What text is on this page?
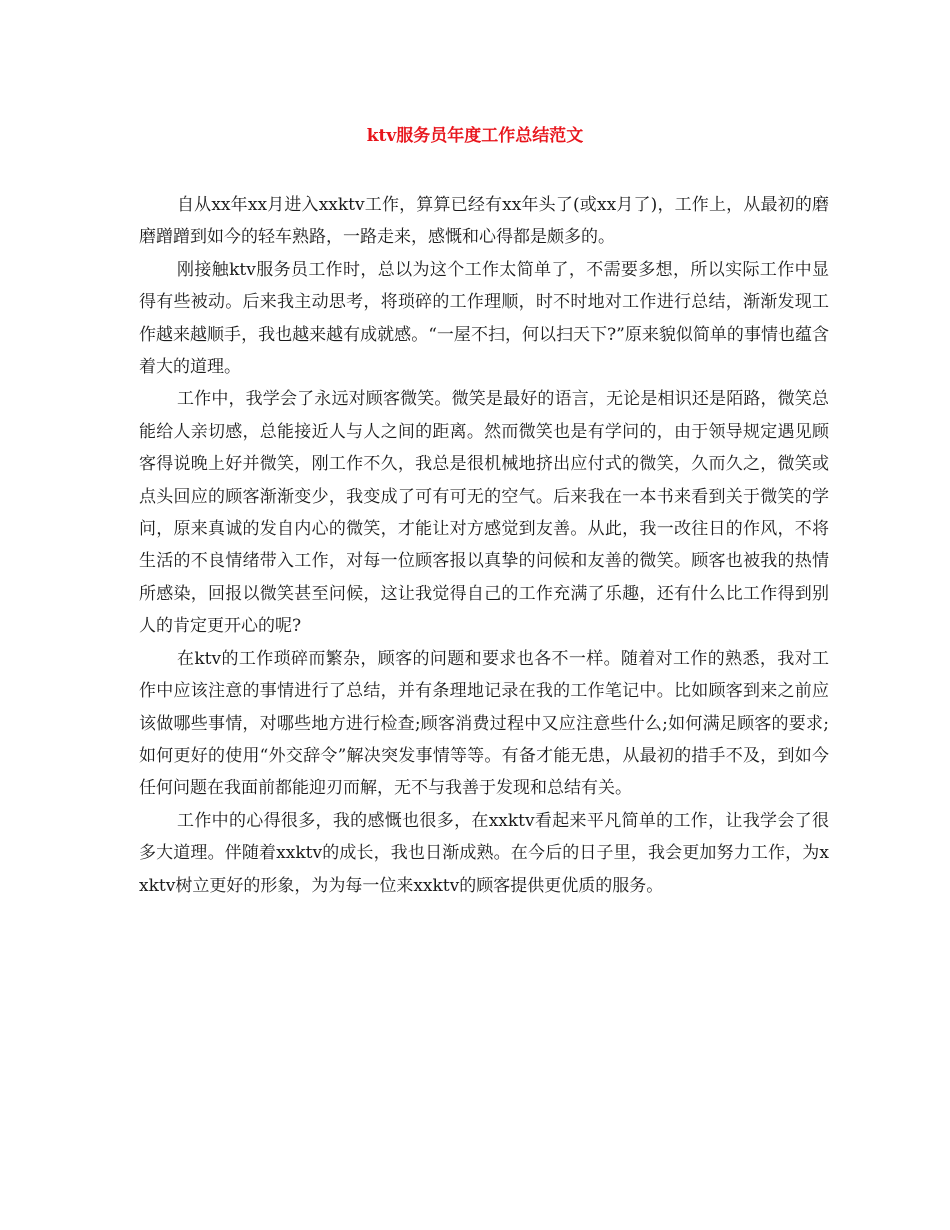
ktv服务员年度工作总结范文

自从xx年xx月进入xxktv工作，算算已经有xx年头了(或xx月了)，工作上，从最初的磨磨蹭蹭到如今的轻车熟路，一路走来，感慨和心得都是颇多的。

刚接触ktv服务员工作时，总以为这个工作太简单了，不需要多想，所以实际工作中显得有些被动。后来我主动思考，将琐碎的工作理顺，时不时地对工作进行总结，渐渐发现工作越来越顺手，我也越来越有成就感。“一屋不扫，何以扫天下?”原来貌似简单的事情也蕴含着大的道理。

工作中，我学会了永远对顾客微笑。微笑是最好的语言，无论是相识还是陌路，微笑总能给人亲切感，总能接近人与人之间的距离。然而微笑也是有学问的，由于领导规定遇见顾客得说晚上好并微笑，刚工作不久，我总是很机械地挤出应付式的微笑，久而久之，微笑或点头回应的顾客渐渐变少，我变成了可有可无的空气。后来我在一本书来看到关于微笑的学问，原来真诚的发自内心的微笑，才能让对方感觉到友善。从此，我一改往日的作风，不将生活的不良情绪带入工作，对每一位顾客报以真挚的问候和友善的微笑。顾客也被我的热情所感染，回报以微笑甚至问候，这让我觉得自己的工作充满了乐趣，还有什么比工作得到别人的肯定更开心的呢?

在ktv的工作琐碎而繁杂，顾客的问题和要求也各不一样。随着对工作的熟悉，我对工作中应该注意的事情进行了总结，并有条理地记录在我的工作笔记中。比如顾客到来之前应该做哪些事情，对哪些地方进行检查;顾客消费过程中又应注意些什么;如何满足顾客的要求;如何更好的使用“外交辞令”解决突发事情等等。有备才能无患，从最初的措手不及，到如今任何问题在我面前都能迎刃而解，无不与我善于发现和总结有关。

工作中的心得很多，我的感慨也很多，在xxktv看起来平凡简单的工作，让我学会了很多大道理。伴随着xxktv的成长，我也日渐成熟。在今后的日子里，我会更加努力工作，为xxktv树立更好的形象，为为每一位来xxktv的顾客提供更优质的服务。
